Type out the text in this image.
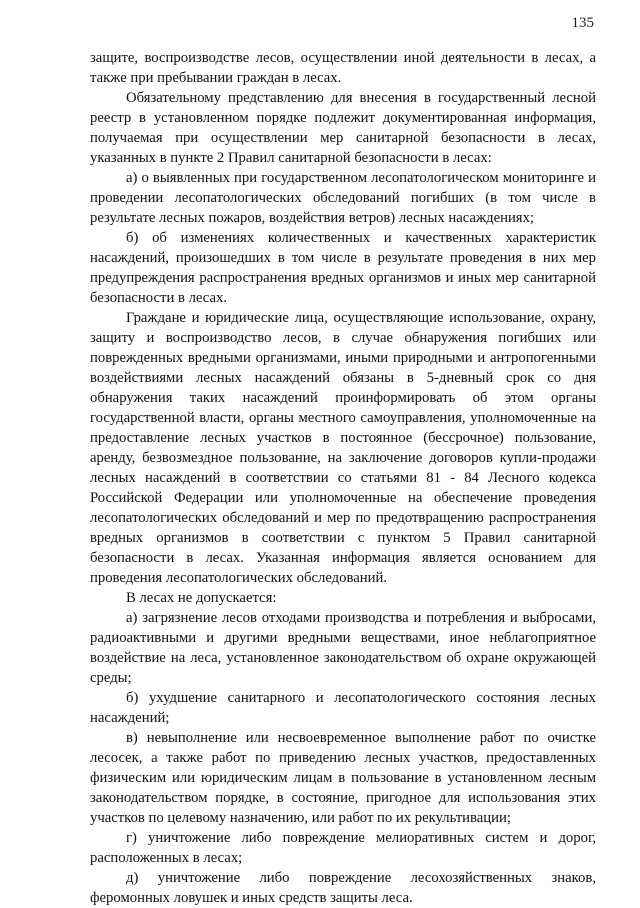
135

защите, воспроизводстве лесов, осуществлении иной деятельности в лесах, а также при пребывании граждан в лесах.

Обязательному представлению для внесения в государственный лесной реестр в установленном порядке подлежит документированная информация, получаемая при осуществлении мер санитарной безопасности в лесах, указанных в пункте 2 Правил санитарной безопасности в лесах:

а) о выявленных при государственном лесопатологическом мониторинге и проведении лесопатологических обследований погибших (в том числе в результате лесных пожаров, воздействия ветров) лесных насаждениях;

б) об изменениях количественных и качественных характеристик насаждений, произошедших в том числе в результате проведения в них мер предупреждения распространения вредных организмов и иных мер санитарной безопасности в лесах.

Граждане и юридические лица, осуществляющие использование, охрану, защиту и воспроизводство лесов, в случае обнаружения погибших или поврежденных вредными организмами, иными природными и антропогенными воздействиями лесных насаждений обязаны в 5-дневный срок со дня обнаружения таких насаждений проинформировать об этом органы государственной власти, органы местного самоуправления, уполномоченные на предоставление лесных участков в постоянное (бессрочное) пользование, аренду, безвозмездное пользование, на заключение договоров купли-продажи лесных насаждений в соответствии со статьями 81 - 84 Лесного кодекса Российской Федерации или уполномоченные на обеспечение проведения лесопатологических обследований и мер по предотвращению распространения вредных организмов в соответствии с пунктом 5 Правил санитарной безопасности в лесах. Указанная информация является основанием для проведения лесопатологических обследований.

В лесах не допускается:

а) загрязнение лесов отходами производства и потребления и выбросами, радиоактивными и другими вредными веществами, иное неблагоприятное воздействие на леса, установленное законодательством об охране окружающей среды;

б) ухудшение санитарного и лесопатологического состояния лесных насаждений;

в) невыполнение или несвоевременное выполнение работ по очистке лесосек, а также работ по приведению лесных участков, предоставленных физическим или юридическим лицам в пользование в установленном лесным законодательством порядке, в состояние, пригодное для использования этих участков по целевому назначению, или работ по их рекультивации;

г) уничтожение либо повреждение мелиоративных систем и дорог, расположенных в лесах;

д) уничтожение либо повреждение лесохозяйственных знаков, феромонных ловушек и иных средств защиты леса.
